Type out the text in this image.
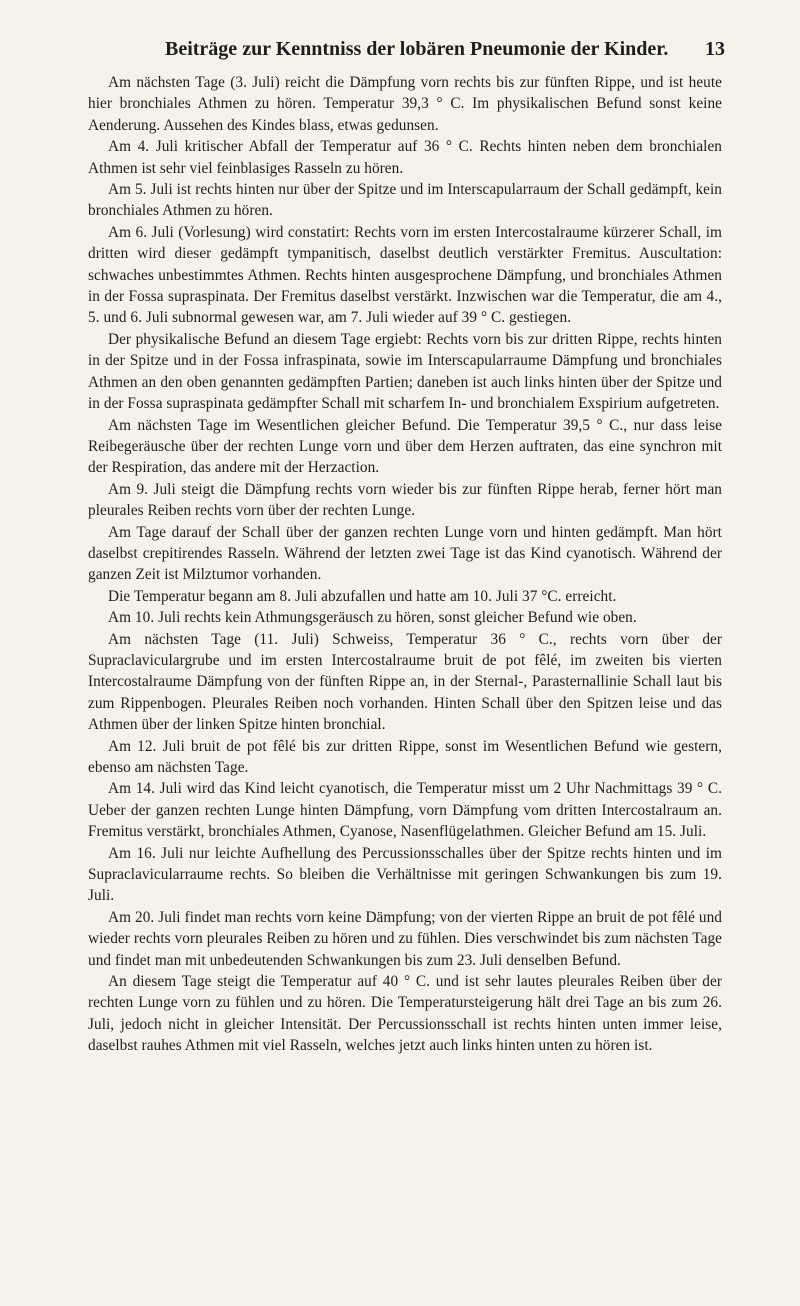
Beiträge zur Kenntniss der lobären Pneumonie der Kinder. 13

Am nächsten Tage (3. Juli) reicht die Dämpfung vorn rechts bis zur fünften Rippe, und ist heute hier bronchiales Athmen zu hören. Temperatur 39,3 ° C. Im physikalischen Befund sonst keine Aenderung. Aussehen des Kindes blass, etwas gedunsen.

Am 4. Juli kritischer Abfall der Temperatur auf 36 ° C. Rechts hinten neben dem bronchialen Athmen ist sehr viel feinblasiges Rasseln zu hören.

Am 5. Juli ist rechts hinten nur über der Spitze und im Interscapularraum der Schall gedämpft, kein bronchiales Athmen zu hören.

Am 6. Juli (Vorlesung) wird constatirt: Rechts vorn im ersten Intercostalraume kürzerer Schall, im dritten wird dieser gedämpft tympanitisch, daselbst deutlich verstärkter Fremitus. Auscultation: schwaches unbestimmtes Athmen. Rechts hinten ausgesprochene Dämpfung, und bronchiales Athmen in der Fossa supraspinata. Der Fremitus daselbst verstärkt. Inzwischen war die Temperatur, die am 4., 5. und 6. Juli subnormal gewesen war, am 7. Juli wieder auf 39 ° C. gestiegen.

Der physikalische Befund an diesem Tage ergiebt: Rechts vorn bis zur dritten Rippe, rechts hinten in der Spitze und in der Fossa infraspinata, sowie im Interscapularraume Dämpfung und bronchiales Athmen an den oben genannten gedämpften Partien; daneben ist auch links hinten über der Spitze und in der Fossa supraspinata gedämpfter Schall mit scharfem In- und bronchialem Exspirium aufgetreten.

Am nächsten Tage im Wesentlichen gleicher Befund. Die Temperatur 39,5 ° C., nur dass leise Reibegeräusche über der rechten Lunge vorn und über dem Herzen auftraten, das eine synchron mit der Respiration, das andere mit der Herzaction.

Am 9. Juli steigt die Dämpfung rechts vorn wieder bis zur fünften Rippe herab, ferner hört man pleurales Reiben rechts vorn über der rechten Lunge.

Am Tage darauf der Schall über der ganzen rechten Lunge vorn und hinten gedämpft. Man hört daselbst crepitirendes Rasseln. Während der letzten zwei Tage ist das Kind cyanotisch. Während der ganzen Zeit ist Milztumor vorhanden.

Die Temperatur begann am 8. Juli abzufallen und hatte am 10. Juli 37 °C. erreicht.

Am 10. Juli rechts kein Athmungsgeräusch zu hören, sonst gleicher Befund wie oben.

Am nächsten Tage (11. Juli) Schweiss, Temperatur 36 ° C., rechts vorn über der Supraclaviculargrube und im ersten Intercostalraume bruit de pot fêlé, im zweiten bis vierten Intercostalraume Dämpfung von der fünften Rippe an, in der Sternal-, Parasternallinie Schall laut bis zum Rippenbogen. Pleurales Reiben noch vorhanden. Hinten Schall über den Spitzen leise und das Athmen über der linken Spitze hinten bronchial.

Am 12. Juli bruit de pot fêlé bis zur dritten Rippe, sonst im Wesentlichen Befund wie gestern, ebenso am nächsten Tage.

Am 14. Juli wird das Kind leicht cyanotisch, die Temperatur misst um 2 Uhr Nachmittags 39 ° C. Ueber der ganzen rechten Lunge hinten Dämpfung, vorn Dämpfung vom dritten Intercostalraum an. Fremitus verstärkt, bronchiales Athmen, Cyanose, Nasenflügelathmen. Gleicher Befund am 15. Juli.

Am 16. Juli nur leichte Aufhellung des Percussionsschalles über der Spitze rechts hinten und im Supraclavicularraume rechts. So bleiben die Verhältnisse mit geringen Schwankungen bis zum 19. Juli.

Am 20. Juli findet man rechts vorn keine Dämpfung; von der vierten Rippe an bruit de pot fêlé und wieder rechts vorn pleurales Reiben zu hören und zu fühlen. Dies verschwindet bis zum nächsten Tage und findet man mit unbedeutenden Schwankungen bis zum 23. Juli denselben Befund.

An diesem Tage steigt die Temperatur auf 40 ° C. und ist sehr lautes pleurales Reiben über der rechten Lunge vorn zu fühlen und zu hören. Die Temperatursteigerung hält drei Tage an bis zum 26. Juli, jedoch nicht in gleicher Intensität. Der Percussionsschall ist rechts hinten unten immer leise, daselbst rauhes Athmen mit viel Rasseln, welches jetzt auch links hinten unten zu hören ist.
